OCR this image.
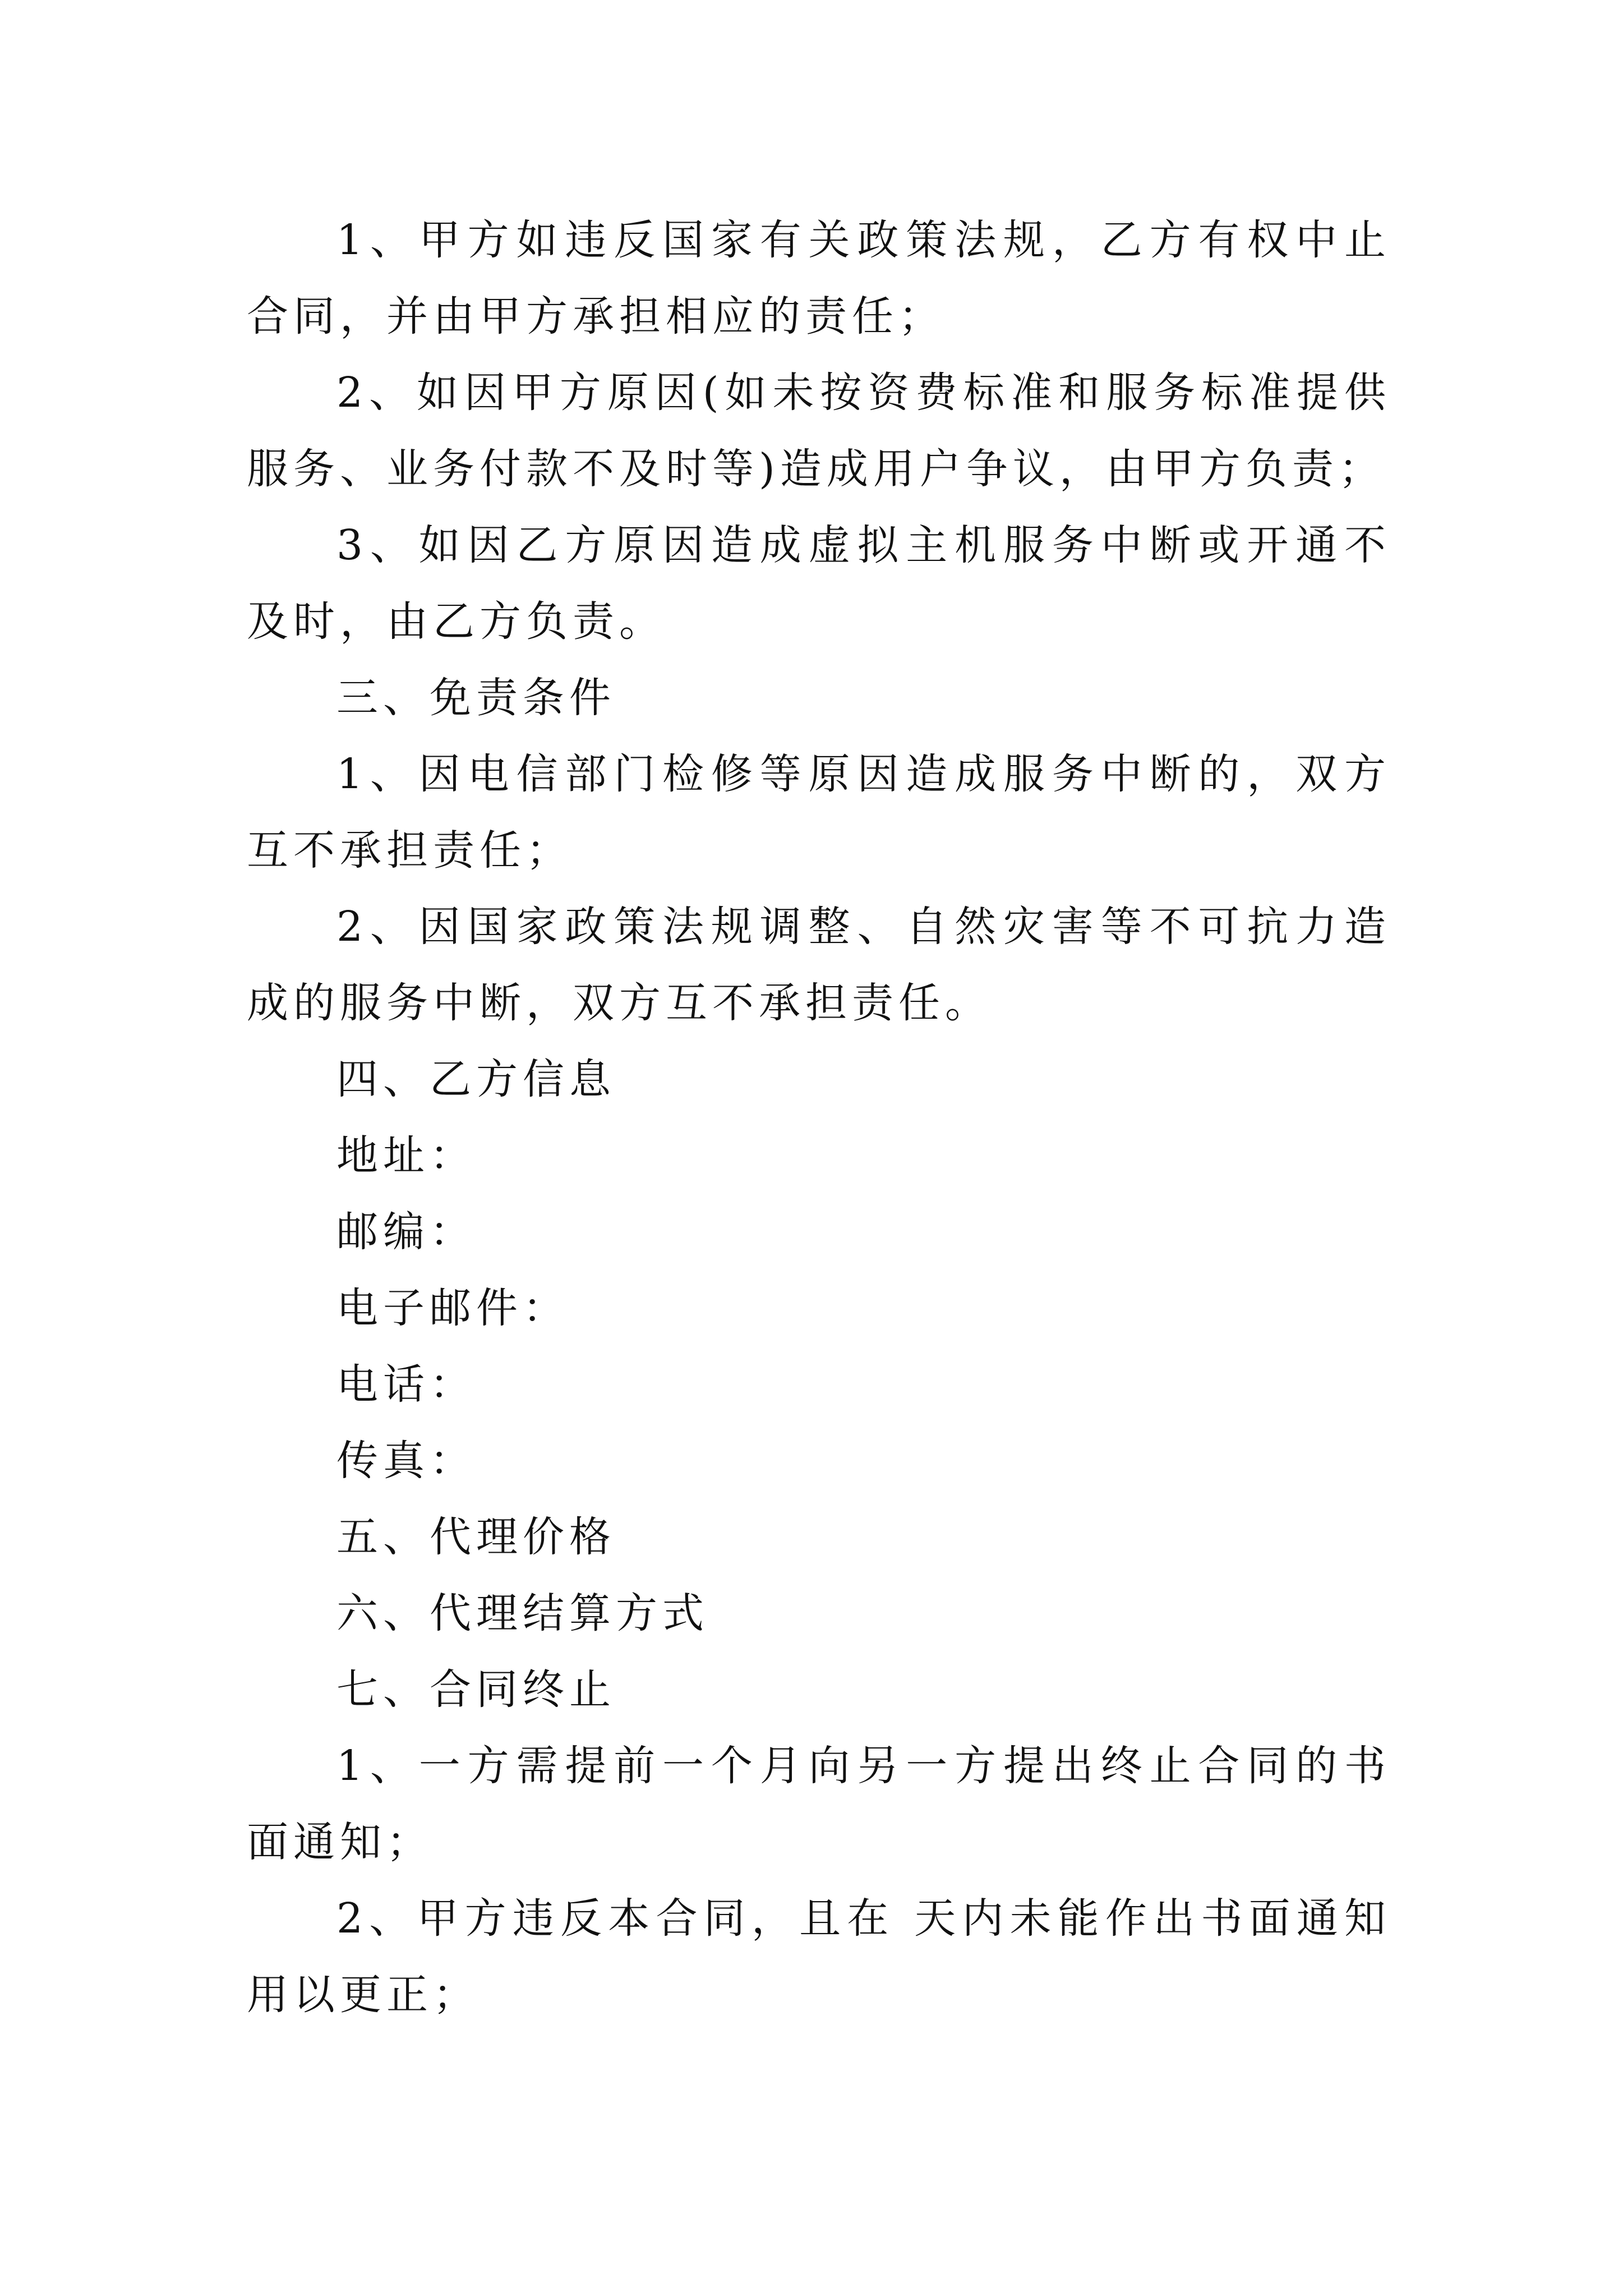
1、甲方如违反国家有关政策法规，乙方有权中止合同，并由甲方承担相应的责任；

2、如因甲方原因(如未按资费标准和服务标准提供服务、业务付款不及时等)造成用户争议，由甲方负责；

3、如因乙方原因造成虚拟主机服务中断或开通不及时，由乙方负责。

三、免责条件

1、因电信部门检修等原因造成服务中断的，双方互不承担责任；

2、因国家政策法规调整、自然灾害等不可抗力造成的服务中断，双方互不承担责任。

四、乙方信息

地址：

邮编：

电子邮件：

电话：

传真：

五、代理价格

六、代理结算方式

七、合同终止

1、一方需提前一个月向另一方提出终止合同的书面通知；

2、甲方违反本合同，且在 天内未能作出书面通知用以更正；
